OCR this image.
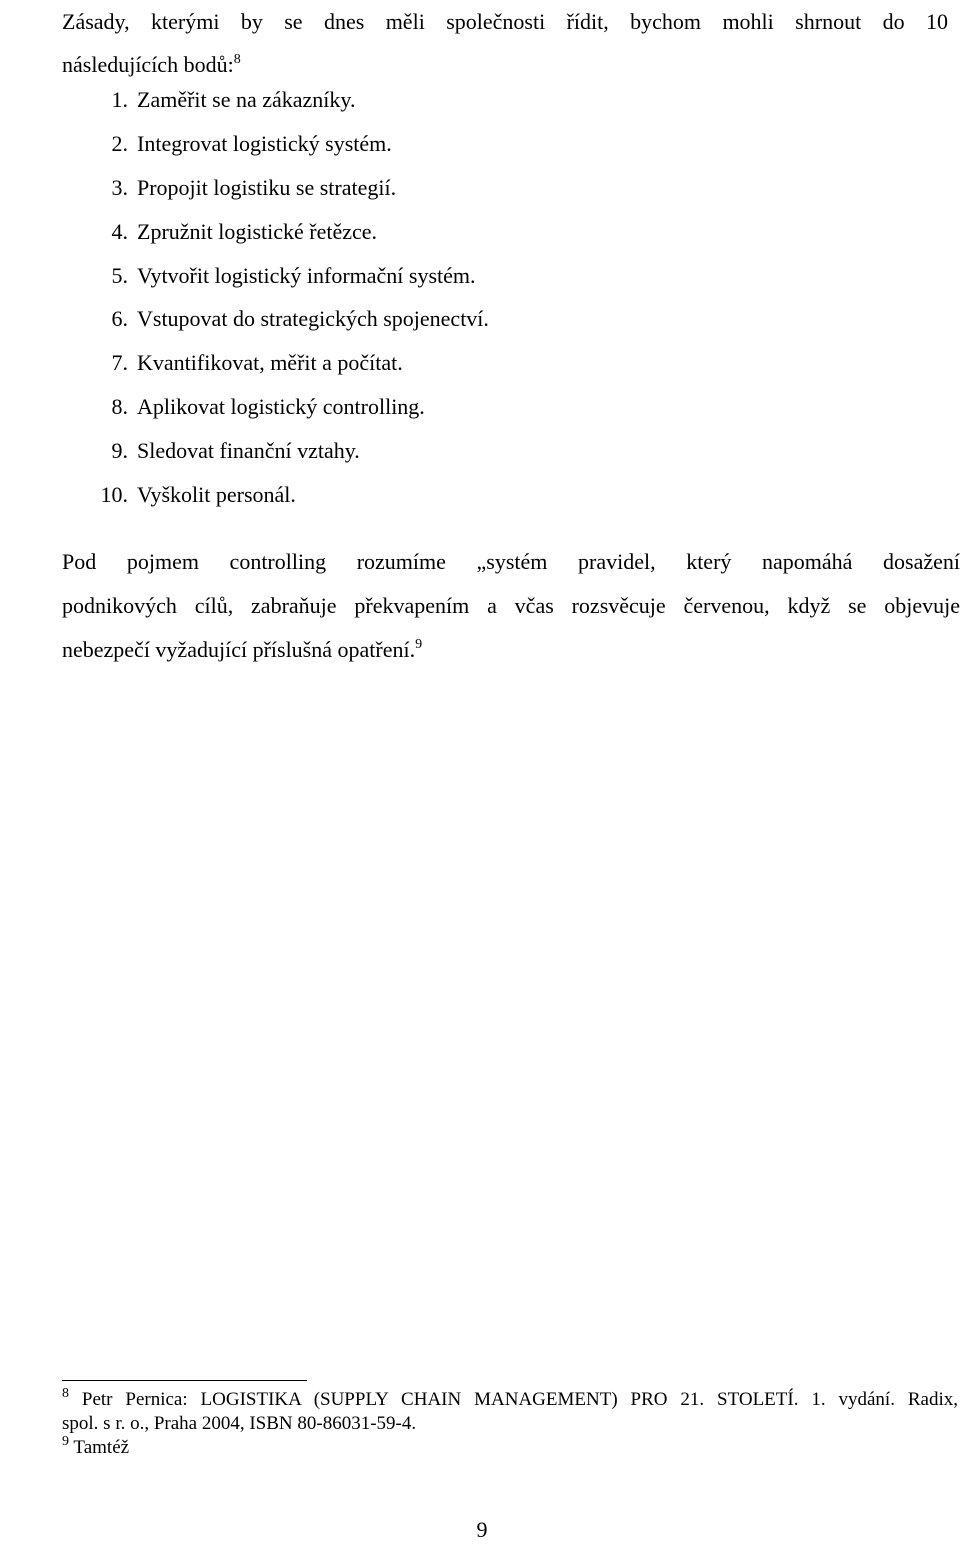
Zásady, kterými by se dnes měli společnosti řídit, bychom mohli shrnout do 10
následujících bodů:$^8$
1. Zaměřit se na zákazníky.
2. Integrovat logistický systém.
3. Propojit logistiku se strategií.
4. Zpružnit logistické řetězce.
5. Vytvořit logistický informační systém.
6. Vstupovat do strategických spojenectví.
7. Kvantifikovat, měřit a počítat.
8. Aplikovat logistický controlling.
9. Sledovat finanční vztahy.
10. Vyškolit personál.
Pod pojmem controlling rozumíme „systém pravidel, který napomáhá dosažení
podnikových cílů, zabraňuje překvapením a včas rozsvěcuje červenou, když se objevuje
nebezpečí vyžadující příslušná opatření.$^9$
$^8$ Petr Pernica: LOGISTIKA (SUPPLY CHAIN MANAGEMENT) PRO 21. STOLETÍ. 1. vydání. Radix,
spol. s r. o., Praha 2004, ISBN 80-86031-59-4.
$^9$ Tamtéž
9
